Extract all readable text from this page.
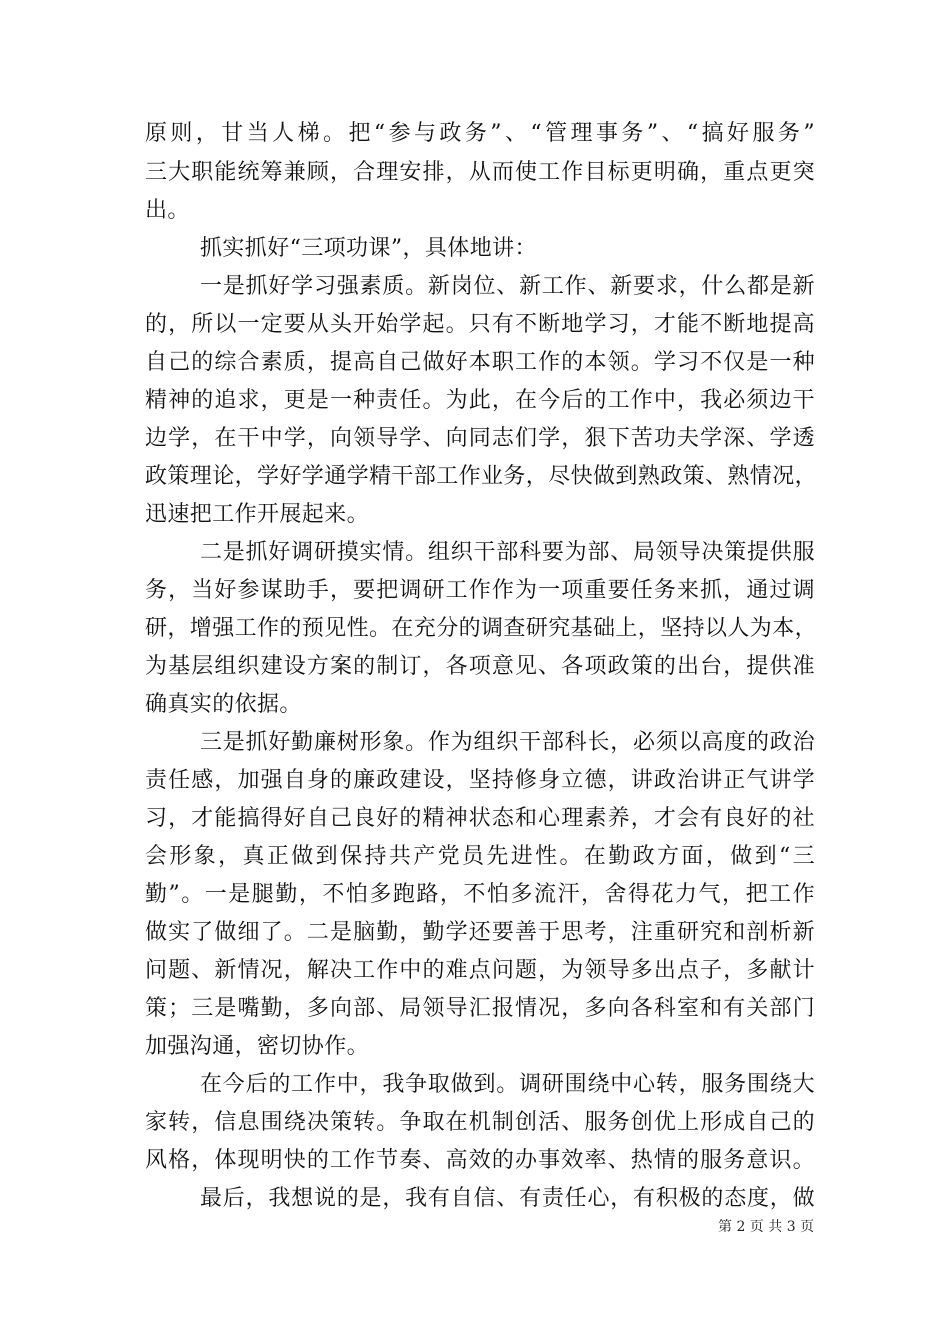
原则，甘当人梯。把“参与政务”、“管理事务”、“搞好服务”
三大职能统筹兼顾，合理安排，从而使工作目标更明确，重点更突
出。
抓实抓好“三项功课”，具体地讲：
一是抓好学习强素质。新岗位、新工作、新要求，什么都是新
的，所以一定要从头开始学起。只有不断地学习，才能不断地提高
自己的综合素质，提高自己做好本职工作的本领。学习不仅是一种
精神的追求，更是一种责任。为此，在今后的工作中，我必须边干
边学，在干中学，向领导学、向同志们学，狠下苦功夫学深、学透
政策理论，学好学通学精干部工作业务，尽快做到熟政策、熟情况，
迅速把工作开展起来。
二是抓好调研摸实情。组织干部科要为部、局领导决策提供服
务，当好参谋助手，要把调研工作作为一项重要任务来抓，通过调
研，增强工作的预见性。在充分的调查研究基础上，坚持以人为本，
为基层组织建设方案的制订，各项意见、各项政策的出台，提供准
确真实的依据。
三是抓好勤廉树形象。作为组织干部科长，必须以高度的政治
责任感，加强自身的廉政建设，坚持修身立德，讲政治讲正气讲学
习，才能搞得好自己良好的精神状态和心理素养，才会有良好的社
会形象，真正做到保持共产党员先进性。在勤政方面，做到“三
勤”。一是腿勤，不怕多跑路，不怕多流汗，舍得花力气，把工作
做实了做细了。二是脑勤，勤学还要善于思考，注重研究和剖析新
问题、新情况，解决工作中的难点问题，为领导多出点子，多献计
策；三是嘴勤，多向部、局领导汇报情况，多向各科室和有关部门
加强沟通，密切协作。
在今后的工作中，我争取做到。调研围绕中心转，服务围绕大
家转，信息围绕决策转。争取在机制创活、服务创优上形成自己的
风格，体现明快的工作节奏、高效的办事效率、热情的服务意识。
最后，我想说的是，我有自信、有责任心，有积极的态度，做
第 2 页 共 3 页
